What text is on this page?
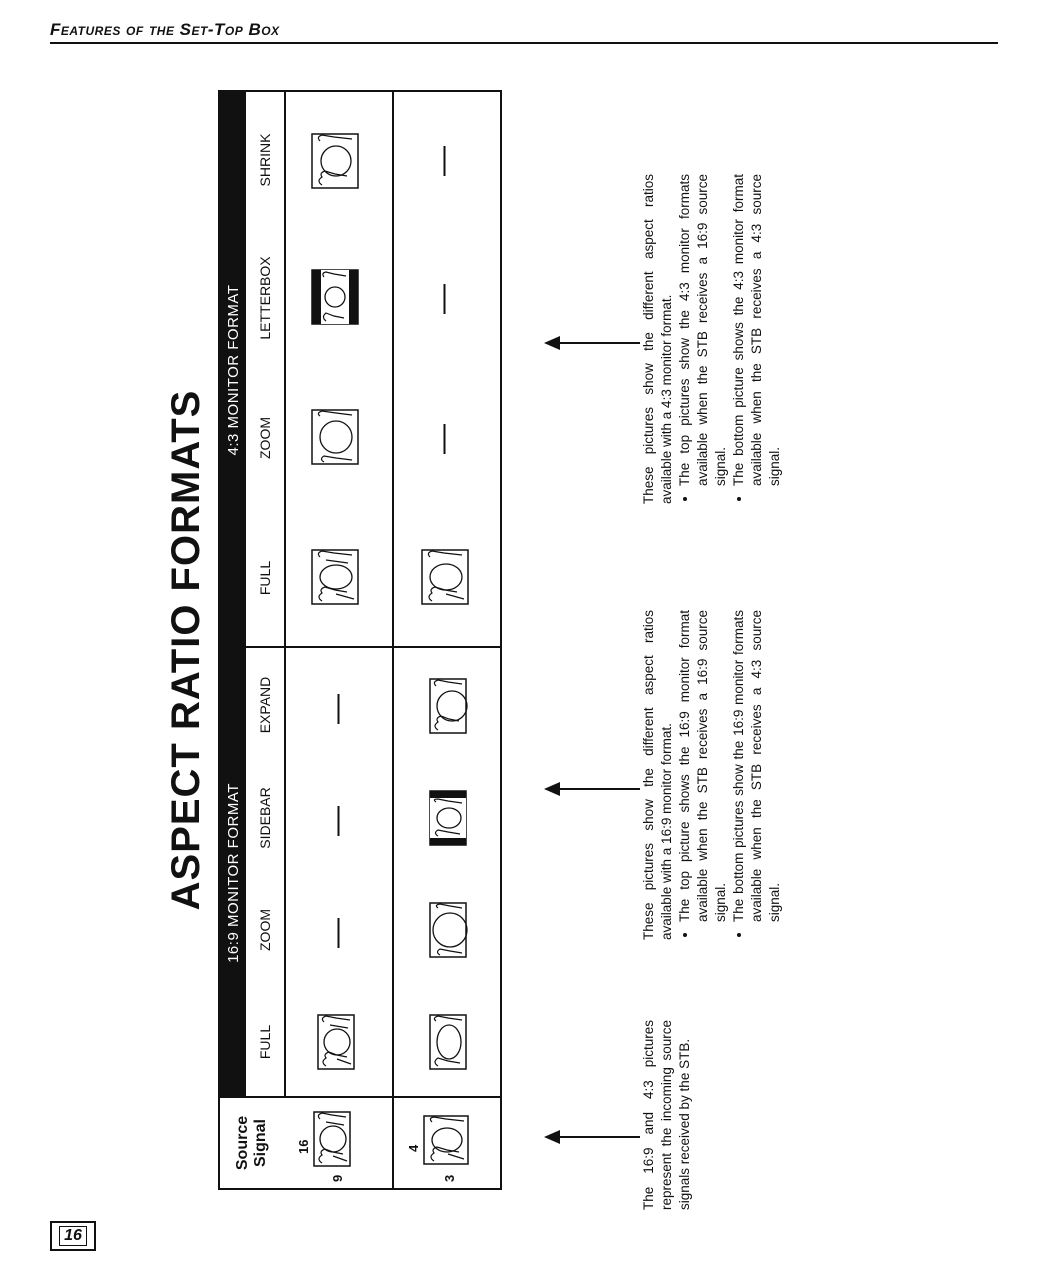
Features of the Set-Top Box
16
ASPECT RATIO FORMATS
Source Signal
16:9 MONITOR FORMAT
4:3 MONITOR FORMAT
FULL
ZOOM
SIDEBAR
EXPAND
FULL
ZOOM
LETTERBOX
SHRINK
16
9
—
—
—
4
3
—
—
—
The 16:9 and 4:3 pictures represent the incoming source signals received by the STB.
These pictures show the different aspect ratios available with a 16:9 monitor format. • The top picture shows the 16:9 monitor format available when the STB receives a 16:9 source signal. • The bottom pictures show the 16:9 monitor formats available when the STB receives a 4:3 source signal.
These pictures show the different aspect ratios available with a 4:3 monitor format. • The top pictures show the 4:3 monitor formats available when the STB receives a 16:9 source signal. • The bottom picture shows the 4:3 monitor format available when the STB receives a 4:3 source signal.
